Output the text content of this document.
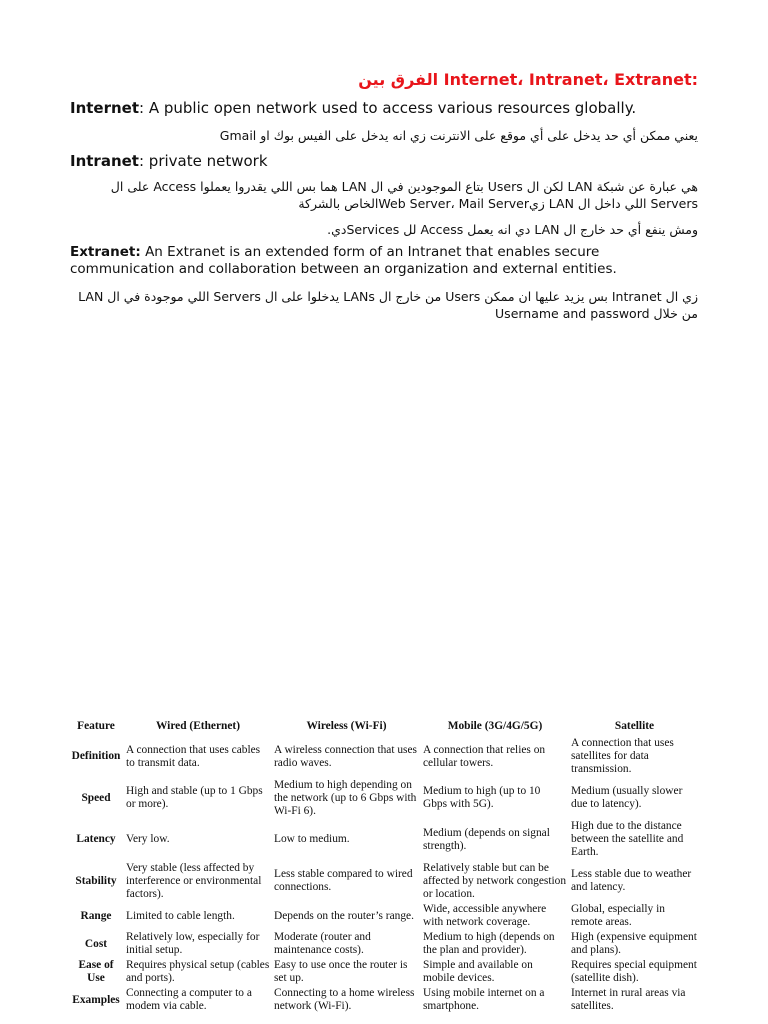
:Internet، Intranet، Extranet الفرق بين
Internet: A public open network used to access various resources globally.
يعني ممكن أي حد يدخل على أي موقع على الانترنت زي انه يدخل على الفيس بوك او Gmail
Intranet: private network
هي عبارة عن شبكة LAN لكن ال Users بتاع الموجودين في ال LAN هما بس اللي يقدروا يعملوا Access على ال Servers اللي داخل ال LAN زيWeb Server، Mail Serverالخاص بالشركة
ومش ينفع أي حد خارج ال LAN دي انه يعمل Access لل Servicesدي.
Extranet: An Extranet is an extended form of an Intranet that enables secure communication and collaboration between an organization and external entities.
زي ال Intranet بس يزيد عليها ان ممكن Users من خارج ال LANs يدخلوا على ال Servers اللي موجودة في ال LAN من خلال Username and password
Feature	Wired (Ethernet)	Wireless (Wi-Fi)	Mobile (3G/4G/5G)	Satellite
Definition	A connection that uses cables to transmit data.	A wireless connection that uses radio waves.	A connection that relies on cellular towers.	A connection that uses satellites for data transmission.
Speed	High and stable (up to 1 Gbps or more).	Medium to high depending on the network (up to 6 Gbps with Wi-Fi 6).	Medium to high (up to 10 Gbps with 5G).	Medium (usually slower due to latency).
Latency	Very low.	Low to medium.	Medium (depends on signal strength).	High due to the distance between the satellite and Earth.
Stability	Very stable (less affected by interference or environmental factors).	Less stable compared to wired connections.	Relatively stable but can be affected by network congestion or location.	Less stable due to weather and latency.
Range	Limited to cable length.	Depends on the router’s range.	Wide, accessible anywhere with network coverage.	Global, especially in remote areas.
Cost	Relatively low, especially for initial setup.	Moderate (router and maintenance costs).	Medium to high (depends on the plan and provider).	High (expensive equipment and plans).
Ease of Use	Requires physical setup (cables and ports).	Easy to use once the router is set up.	Simple and available on mobile devices.	Requires special equipment (satellite dish).
Examples	Connecting a computer to a modem via cable.	Connecting to a home wireless network (Wi-Fi).	Using mobile internet on a smartphone.	Internet in rural areas via satellites.
